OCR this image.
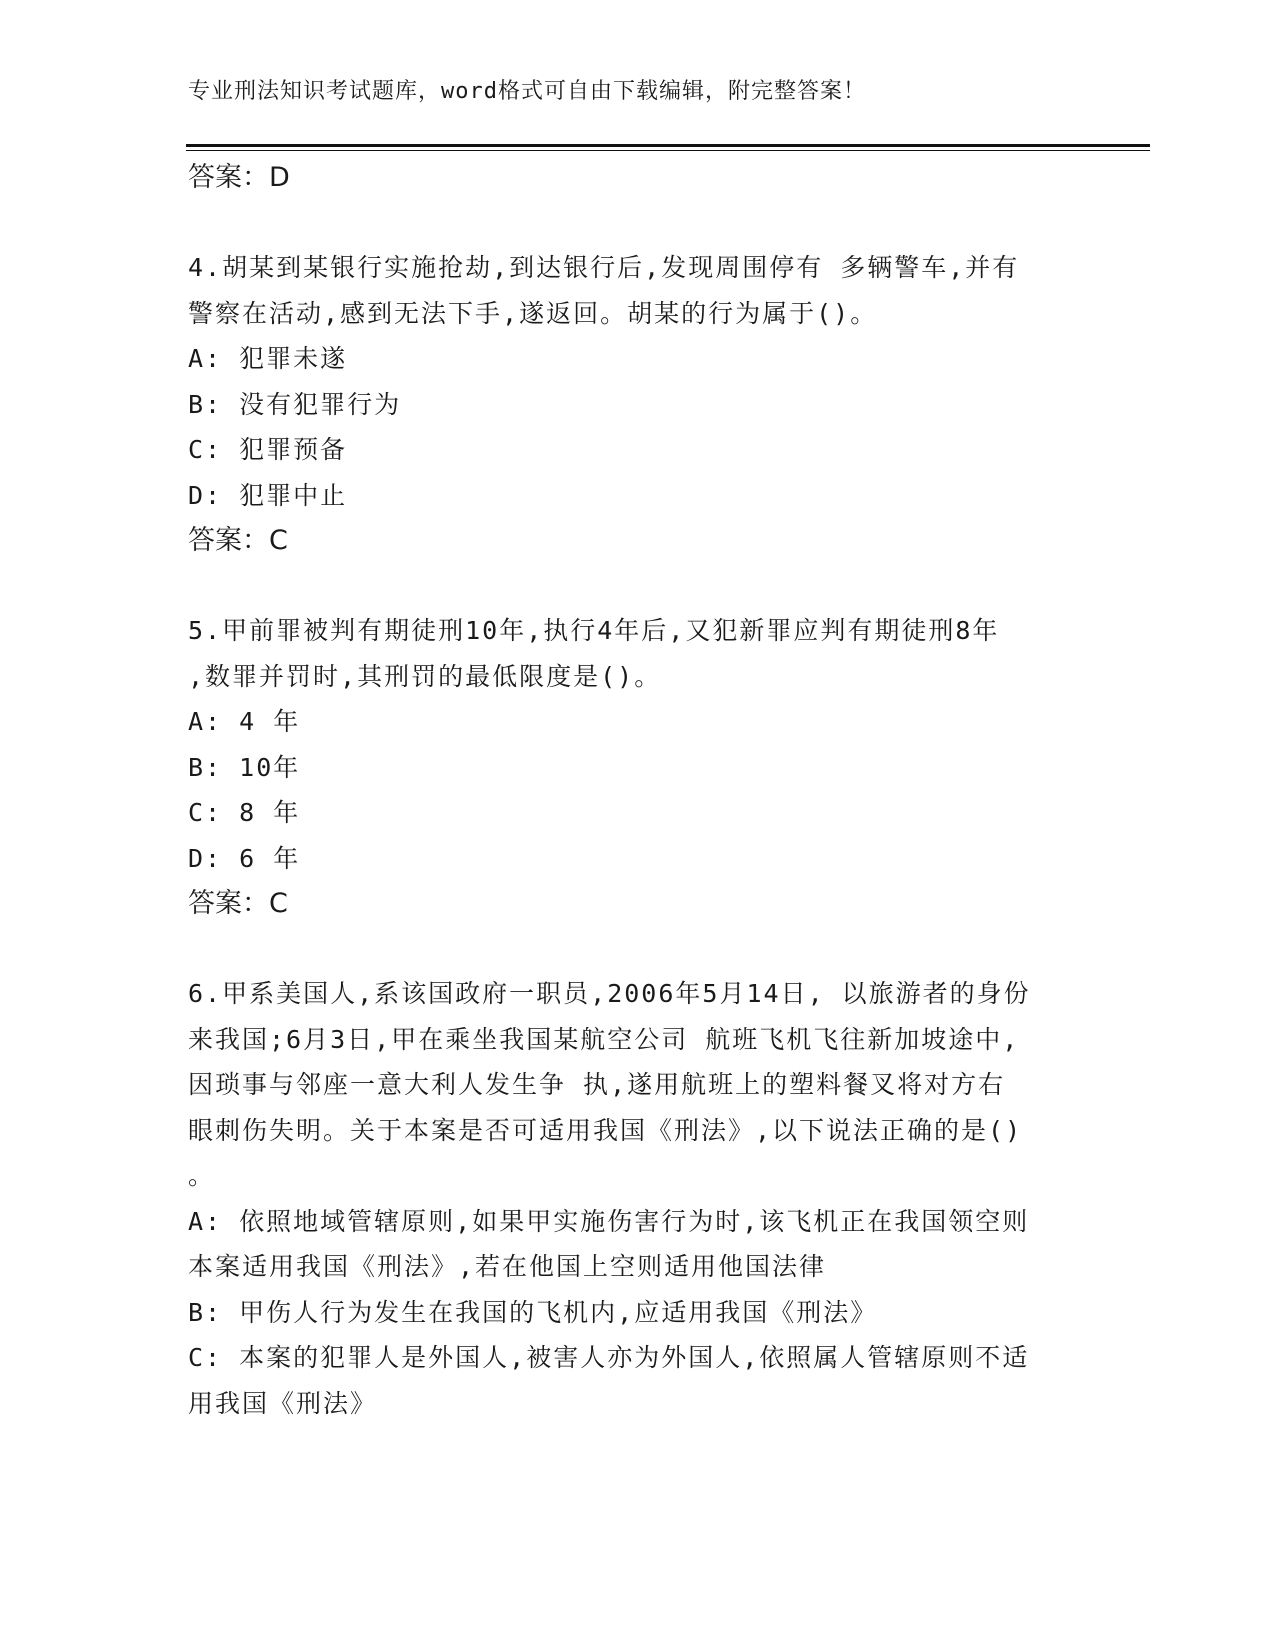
专业刑法知识考试题库，word格式可自由下载编辑，附完整答案！
答案：D
4.胡某到某银行实施抢劫,到达银行后,发现周围停有 多辆警车,并有
警察在活动,感到无法下手,遂返回。胡某的行为属于()。
A: 犯罪未遂
B: 没有犯罪行为
C: 犯罪预备
D: 犯罪中止
答案：C
5.甲前罪被判有期徒刑10年,执行4年后,又犯新罪应判有期徒刑8年
,数罪并罚时,其刑罚的最低限度是()。
A: 4 年
B: 10年
C: 8 年
D: 6 年
答案：C
6.甲系美国人,系该国政府一职员,2006年5月14日, 以旅游者的身份
来我国;6月3日,甲在乘坐我国某航空公司 航班飞机飞往新加坡途中,
因琐事与邻座一意大利人发生争 执,遂用航班上的塑料餐叉将对方右
眼刺伤失明。关于本案是否可适用我国《刑法》,以下说法正确的是()
。
A: 依照地域管辖原则,如果甲实施伤害行为时,该飞机正在我国领空则
本案适用我国《刑法》,若在他国上空则适用他国法律
B: 甲伤人行为发生在我国的飞机内,应适用我国《刑法》
C: 本案的犯罪人是外国人,被害人亦为外国人,依照属人管辖原则不适
用我国《刑法》
